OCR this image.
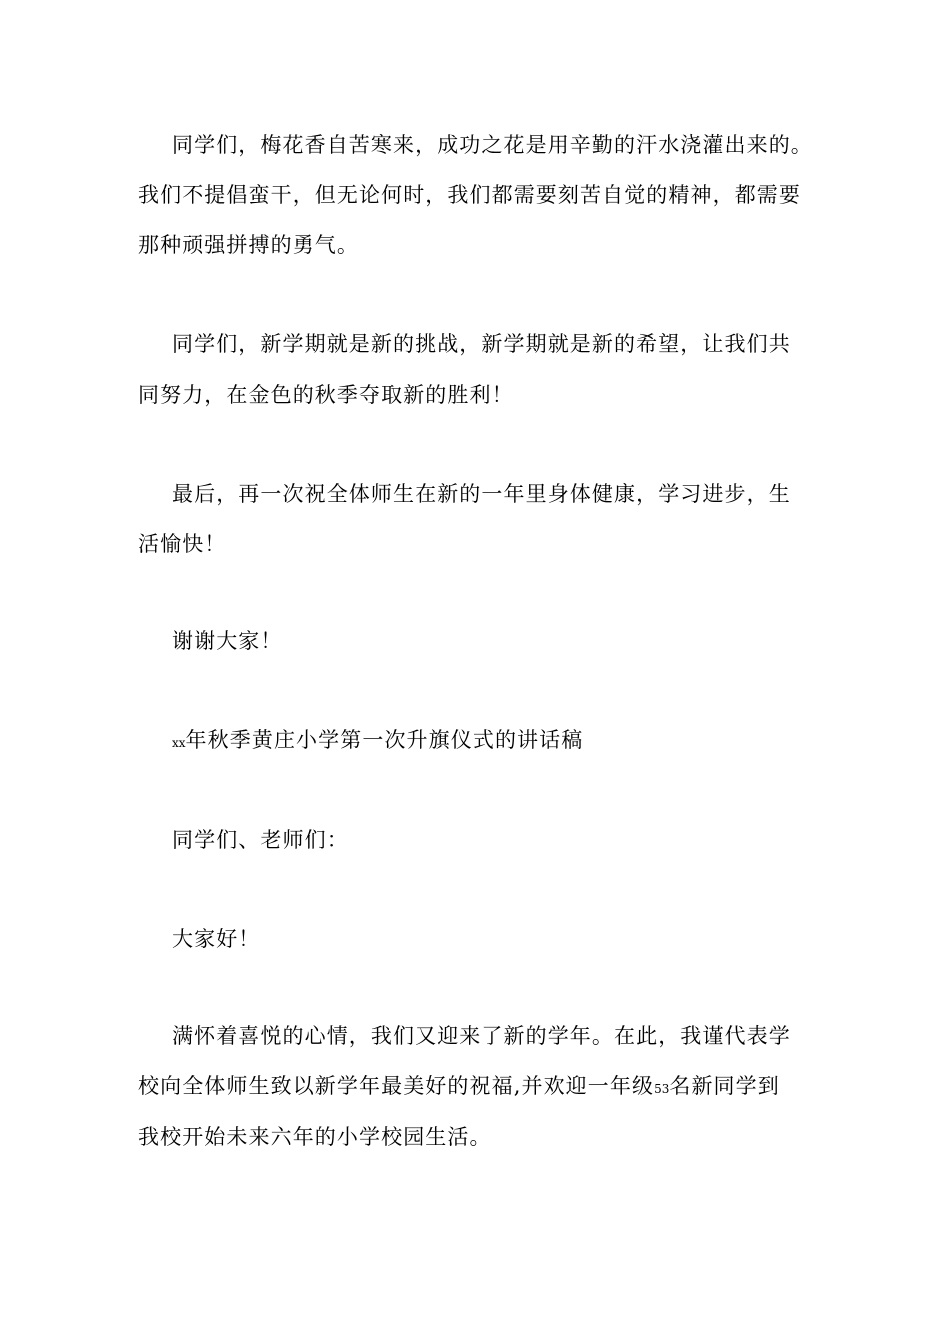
同学们，梅花香自苦寒来，成功之花是用辛勤的汗水浇灌出来的。
我们不提倡蛮干，但无论何时，我们都需要刻苦自觉的精神，都需要
那种顽强拼搏的勇气。
同学们，新学期就是新的挑战，新学期就是新的希望，让我们共
同努力，在金色的秋季夺取新的胜利！
最后，再一次祝全体师生在新的一年里身体健康，学习进步，生
活愉快！
谢谢大家！
xx年秋季黄庄小学第一次升旗仪式的讲话稿
同学们、老师们：
大家好！
满怀着喜悦的心情，我们又迎来了新的学年。在此，我谨代表学
校向全体师生致以新学年最美好的祝福,并欢迎一年级53名新同学到
我校开始未来六年的小学校园生活。
